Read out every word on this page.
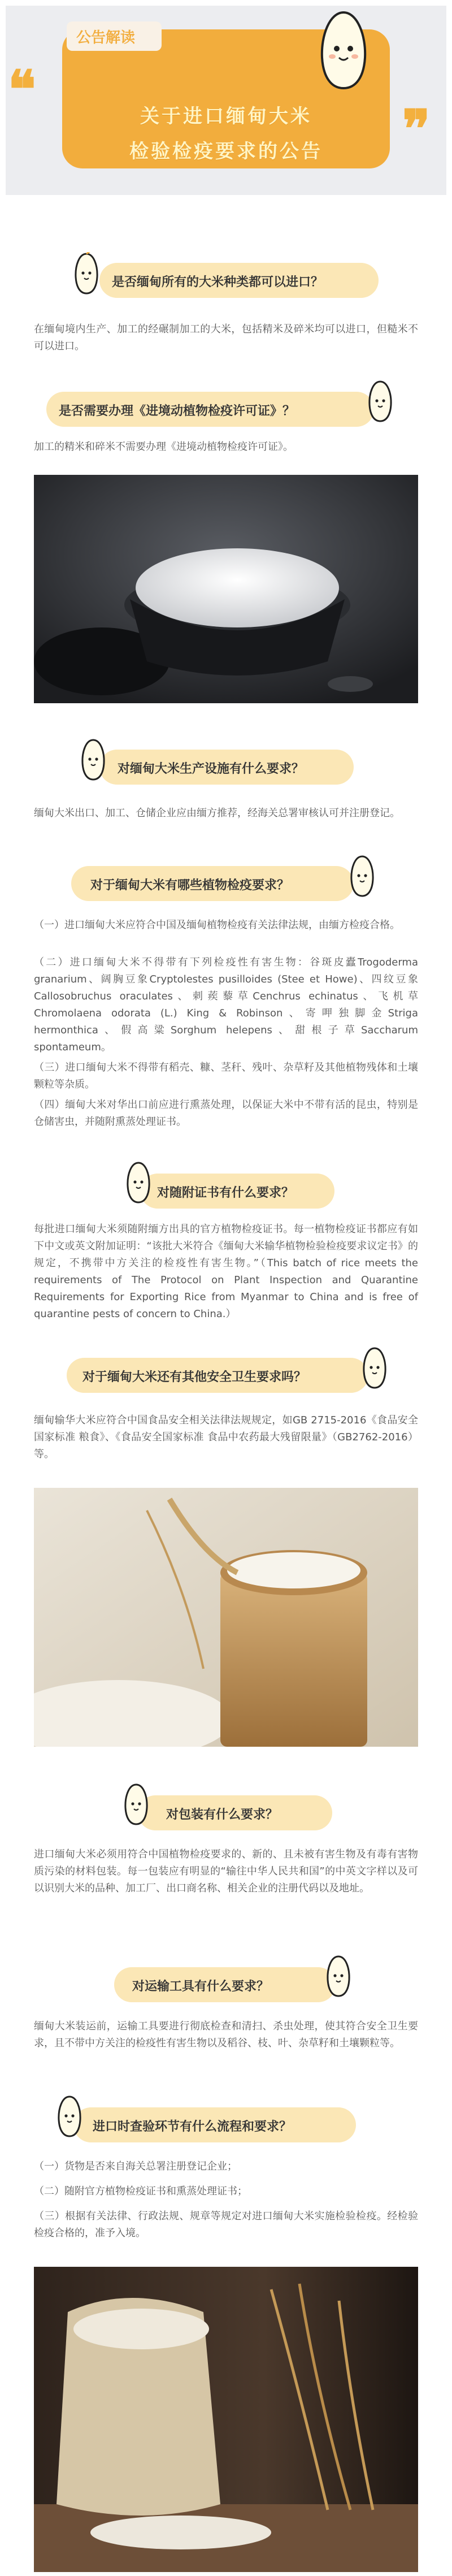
公告解读
❝
❞
关于进口缅甸大米
检验检疫要求的公告
是否缅甸所有的大米种类都可以进口？
在缅甸境内生产、加工的经碾制加工的大米，包括精米及碎米均可以进口，但糙米不可以进口。
是否需要办理《进境动植物检疫许可证》？
加工的精米和碎米不需要办理《进境动植物检疫许可证》。
对缅甸大米生产设施有什么要求？
缅甸大米出口、加工、仓储企业应由缅方推荐，经海关总署审核认可并注册登记。
对于缅甸大米有哪些植物检疫要求？
（一）进口缅甸大米应符合中国及缅甸植物检疫有关法律法规，由缅方检疫合格。
（二）进口缅甸大米不得带有下列检疫性有害生物：谷斑皮蠹Trogoderma granarium、阔胸豆象Cryptolestes pusilloides (Stee et Howe)、四纹豆象Callosobruchus oraculates、刺蒺藜草Cenchrus echinatus、飞机草Chromolaena odorata (L.) King & Robinson、寄呷独脚金Striga hermonthica、假高粱Sorghum helepens、甜根子草Saccharum spontameum。
（三）进口缅甸大米不得带有稻壳、糠、茎秆、残叶、杂草籽及其他植物残体和土壤颗粒等杂质。
（四）缅甸大米对华出口前应进行熏蒸处理，以保证大米中不带有活的昆虫，特别是仓储害虫，并随附熏蒸处理证书。
对随附证书有什么要求？
每批进口缅甸大米须随附缅方出具的官方植物检疫证书。每一植物检疫证书都应有如下中文或英文附加证明：“该批大米符合《缅甸大米输华植物检验检疫要求议定书》的规定，不携带中方关注的检疫性有害生物。”（This batch of rice meets the requirements of The Protocol on Plant Inspection and Quarantine Requirements for Exporting Rice from Myanmar to China and is free of quarantine pests of concern to China.）
对于缅甸大米还有其他安全卫生要求吗？
缅甸输华大米应符合中国食品安全相关法律法规规定，如GB 2715-2016《食品安全国家标准 粮食》、《食品安全国家标准 食品中农药最大残留限量》（GB2762-2016）等。
对包装有什么要求？
进口缅甸大米必须用符合中国植物检疫要求的、新的、且未被有害生物及有毒有害物质污染的材料包装。每一包装应有明显的“输往中华人民共和国”的中英文字样以及可以识别大米的品种、加工厂、出口商名称、相关企业的注册代码以及地址。
对运输工具有什么要求？
缅甸大米装运前，运输工具要进行彻底检查和清扫、杀虫处理，使其符合安全卫生要求，且不带中方关注的检疫性有害生物以及稻谷、枝、叶、杂草籽和土壤颗粒等。
进口时查验环节有什么流程和要求？
（一）货物是否来自海关总署注册登记企业；
（二）随附官方植物检疫证书和熏蒸处理证书；
（三）根据有关法律、行政法规、规章等规定对进口缅甸大米实施检验检疫。经检验检疫合格的，准予入境。
